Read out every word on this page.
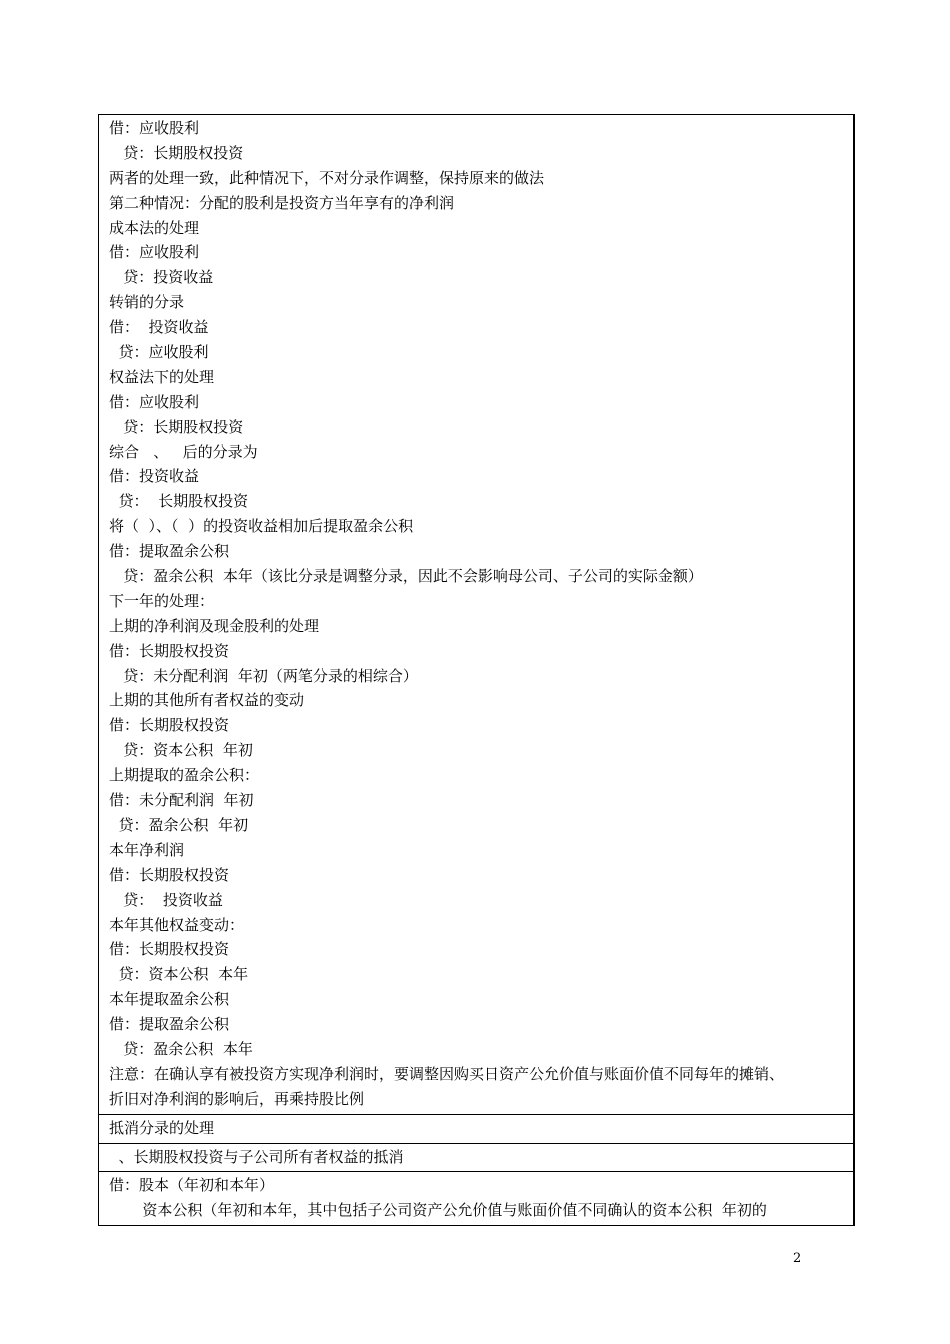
借：应收股利
贷：长期股权投资
两者的处理一致，此种情况下，不对分录作调整，保持原来的做法
第二种情况：分配的股利是投资方当年享有的净利润
成本法的处理
借：应收股利
贷：投资收益
转销的分录
借：  投资收益
贷：应收股利
权益法下的处理
借：应收股利
贷：长期股权投资
综合   、   后的分录为
借：投资收益
贷：  长期股权投资
将（  ）、（  ）的投资收益相加后提取盈余公积
借：提取盈余公积
贷：盈余公积  本年（该比分录是调整分录，因此不会影响母公司、子公司的实际金额）
下一年的处理：
上期的净利润及现金股利的处理
借：长期股权投资
贷：未分配利润  年初（两笔分录的相综合）
上期的其他所有者权益的变动
借：长期股权投资
贷：资本公积  年初
上期提取的盈余公积：
借：未分配利润  年初
贷：盈余公积  年初
本年净利润
借：长期股权投资
贷：  投资收益
本年其他权益变动：
借：长期股权投资
贷：资本公积  本年
本年提取盈余公积
借：提取盈余公积
贷：盈余公积  本年
注意：在确认享有被投资方实现净利润时，要调整因购买日资产公允价值与账面价值不同每年的摊销、
折旧对净利润的影响后，再乘持股比例
抵消分录的处理
、长期股权投资与子公司所有者权益的抵消
借：股本（年初和本年）
资本公积（年初和本年，其中包括子公司资产公允价值与账面价值不同确认的资本公积  年初的
2
